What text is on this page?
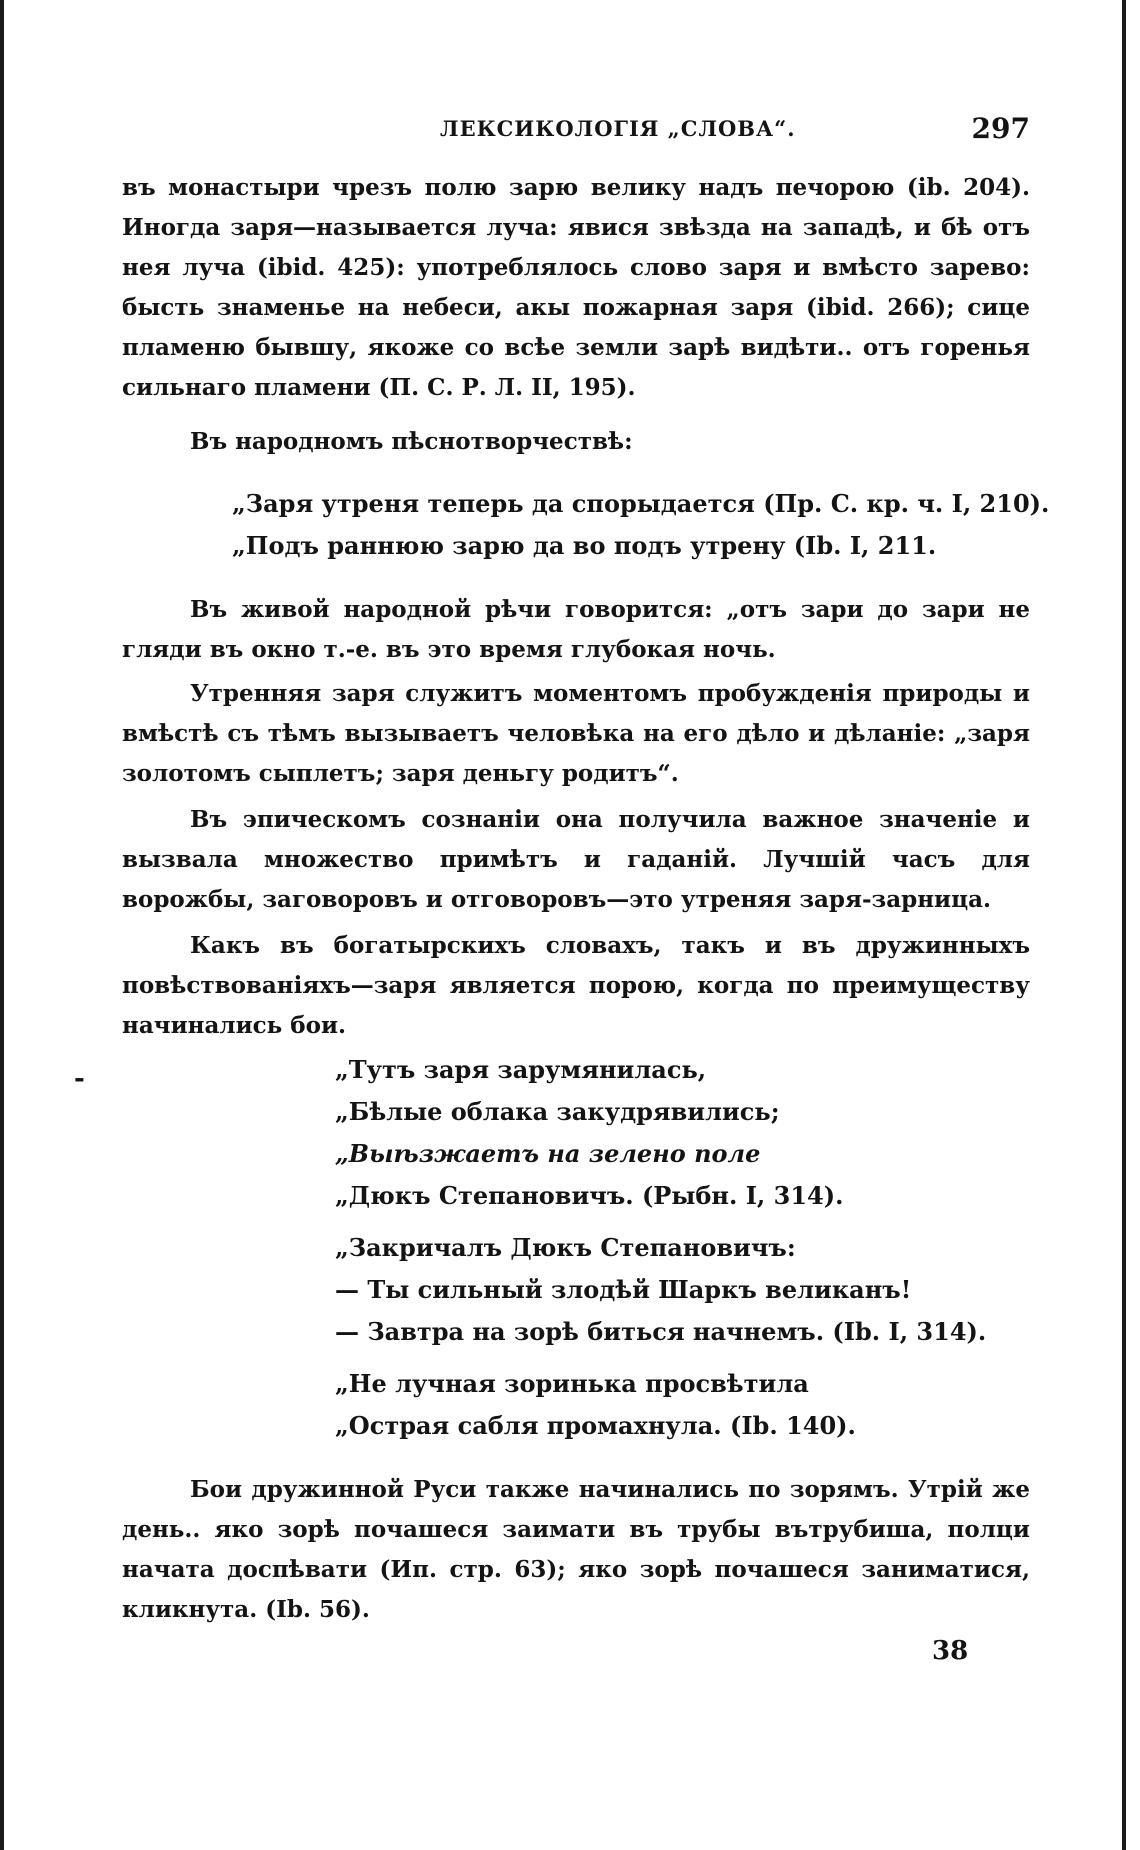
ЛЕКСИКОЛОГІЯ „СЛОВА“.	297
въ монастыри чрезъ полю зарю велику надъ печорою (ib. 204). Иногда заря—называется луча: явися звѣзда на западѣ, и бѣ отъ нея луча (ibid. 425): употреблялось слово заря и вмѣсто зарево: бысть знаменье на небеси, акы пожарная заря (ibid. 266); сице пламеню бывшу, якоже со всѣе земли зарѣ видѣти.. отъ горенья сильнаго пламени (П. С. Р. Л. II, 195).
Въ народномъ пѣснотворчествѣ:
„Заря утреня теперь да спорыдается (Пр. С. кр. ч. I, 210).
„Подъ раннюю зарю да во подъ утрену (Ib. I, 211.
Въ живой народной рѣчи говорится: „отъ зари до зари не гляди въ окно т.-е. въ это время глубокая ночь.
Утренняя заря служитъ моментомъ пробужденія природы и вмѣстѣ съ тѣмъ вызываетъ человѣка на его дѣло и дѣланіе: „заря золотомъ сыплетъ; заря деньгу родитъ“.
Въ эпическомъ сознаніи она получила важное значеніе и вызвала множество примѣтъ и гаданій. Лучшій часъ для ворожбы, заговоровъ и отговоровъ—это утреняя заря-зарница.
Какъ въ богатырскихъ словахъ, такъ и въ дружинныхъ повѣствованіяхъ—заря является порою, когда по преимуществу начинались бои.
-	„Тутъ заря зарумянилась,
„Бѣлые облака закудрявились;
„Выѣзжаетъ на зелено поле
„Дюкъ Степановичъ. (Рыбн. I, 314).
„Закричалъ Дюкъ Степановичъ:
— Ты сильный злодѣй Шаркъ великанъ!
— Завтра на зорѣ биться начнемъ. (Ib. I, 314).
„Не лучная зоринька просвѣтила
„Острая сабля промахнула. (Ib. 140).
Бои дружинной Руси также начинались по зорямъ. Утрій же день.. яко зорѣ почашеся заимати въ трубы вътрубиша, полци начата доспѣвати (Ип. стр. 63); яко зорѣ почашеся заниматися, кликнута. (Ib. 56).
38
